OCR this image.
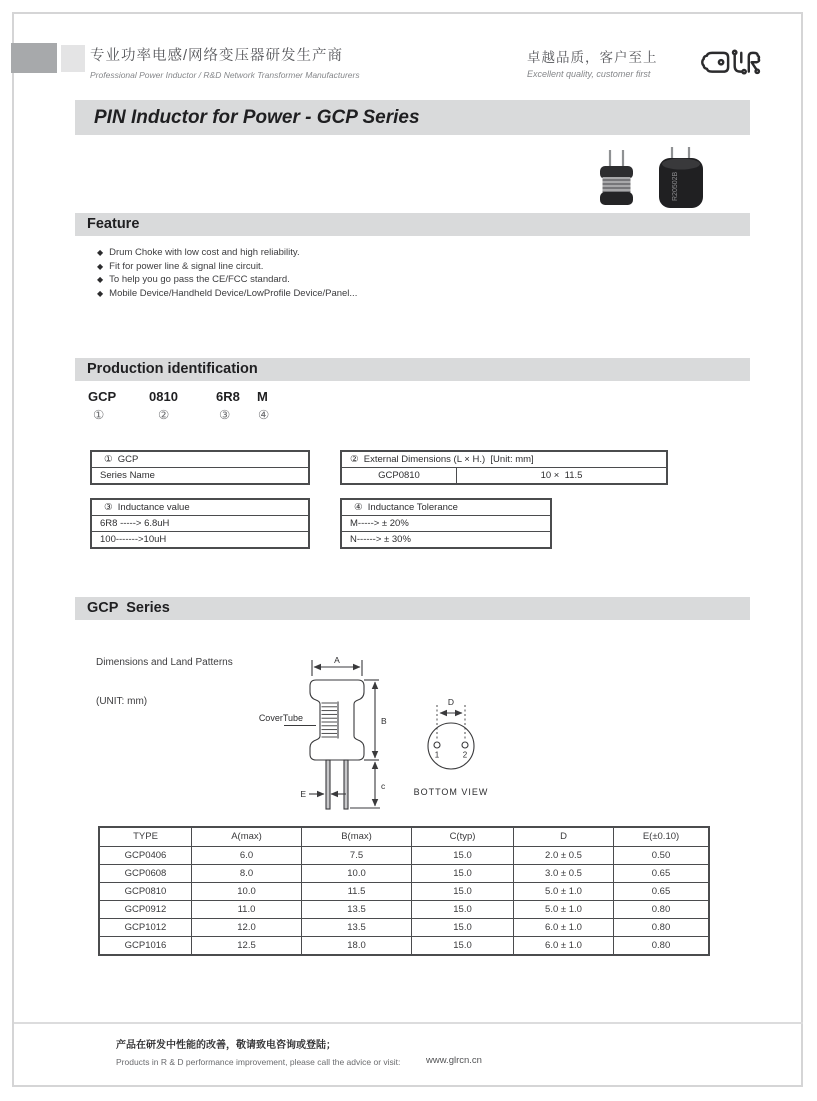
专业功率电感/网络变压器研发生产商
Professional Power Inductor / R&D Network Transformer Manufacturers
卓越品质，客户至上
Excellent quality, customer first
PIN Inductor for Power - GCP Series
R20502B
Feature
◆ Drum Choke with low cost and high reliability.
◆ Fit for power line & signal line circuit.
◆ To help you go pass the CE/FCC standard.
◆ Mobile Device/Handheld Device/LowProfile Device/Panel...
Production identification
GCP	0810	6R8 M
①	②	③ ④
①  GCP
Series Name
②  External Dimensions (L × H.)  [Unit: mm]
GCP0810	10 ×  11.5
③  Inductance value
6R8 -----> 6.8uH
100------->10uH
④  Inductance Tolerance
M-----> ± 20%
N------> ± 30%
GCP  Series

Dimensions and Land Patterns

(UNIT: mm)

A
B
c
D
E
CoverTube
1	2
BOTTOM VIEW
TYPE	A(max)	B(max)	C(typ)	D	E(±0.10)
GCP0406	6.0	7.5	15.0	2.0 ± 0.5	0.50
GCP0608	8.0	10.0	15.0	3.0 ± 0.5	0.65
GCP0810	10.0	11.5	15.0	5.0 ± 1.0	0.65
GCP0912	11.0	13.5	15.0	5.0 ± 1.0	0.80
GCP1012	12.0	13.5	15.0	6.0 ± 1.0	0.80
GCP1016	12.5	18.0	15.0	6.0 ± 1.0	0.80
产品在研发中性能的改善，敬请致电咨询或登陆；
Products in R & D performance improvement, please call the advice or visit:	www.glrcn.cn
